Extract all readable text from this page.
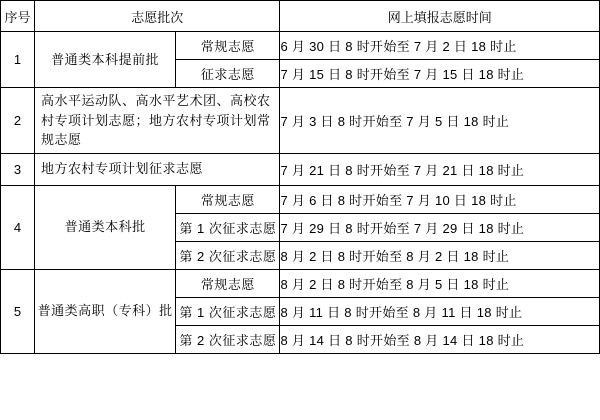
序号	志愿批次		网上填报志愿时间
1	普通类本科提前批	常规志愿	6 月 30 日 8 时开始至 7 月 2 日 18 时止
		征求志愿	7 月 15 日 8 时开始至 7 月 15 日 18 时止
2	高水平运动队、高水平艺术团、高校农村专项计划志愿；地方农村专项计划常规志愿		7 月 3 日 8 时开始至 7 月 5 日 18 时止
3	地方农村专项计划征求志愿		7 月 21 日 8 时开始至 7 月 21 日 18 时止
4	普通类本科批	常规志愿	7 月 6 日 8 时开始至 7 月 10 日 18 时止
		第 1 次征求志愿	7 月 29 日 8 时开始至 7 月 29 日 18 时止
		第 2 次征求志愿	8 月 2 日 8 时开始至 8 月 2 日 18 时止
5	普通类高职（专科）批	常规志愿	8 月 2 日 8 时开始至 8 月 5 日 18 时止
		第 1 次征求志愿	8 月 11 日 8 时开始至 8 月 11 日 18 时止
		第 2 次征求志愿	8 月 14 日 8 时开始至 8 月 14 日 18 时止
